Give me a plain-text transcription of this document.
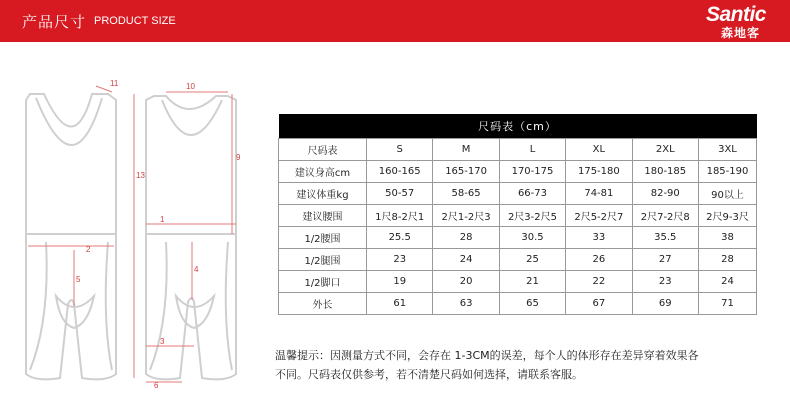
产品尺寸 PRODUCT SIZE	Santic
森地客
11	10
9
13
1
2
4
5
3
6
尺码表（cm）						
尺码表	S	M	L	XL	2XL	3XL
建议身高cm	160-165	165-170	170-175	175-180	180-185	185-190
建议体重kg	50-57	58-65	66-73	74-81	82-90	90以上
建议腰围	1尺8-2尺1	2尺1-2尺3	2尺3-2尺5	2尺5-2尺7	2尺7-2尺8	2尺9-3尺
1/2腰围	25.5	28	30.5	33	35.5	38
1/2腿围	23	24	25	26	27	28
1/2脚口	19	20	21	22	23	24
外长	61	63	65	67	69	71
温馨提示：因测量方式不同，会存在 1-3CM的误差，每个人的体形存在差异穿着效果各
不同。尺码表仅供参考，若不清楚尺码如何选择，请联系客服。
